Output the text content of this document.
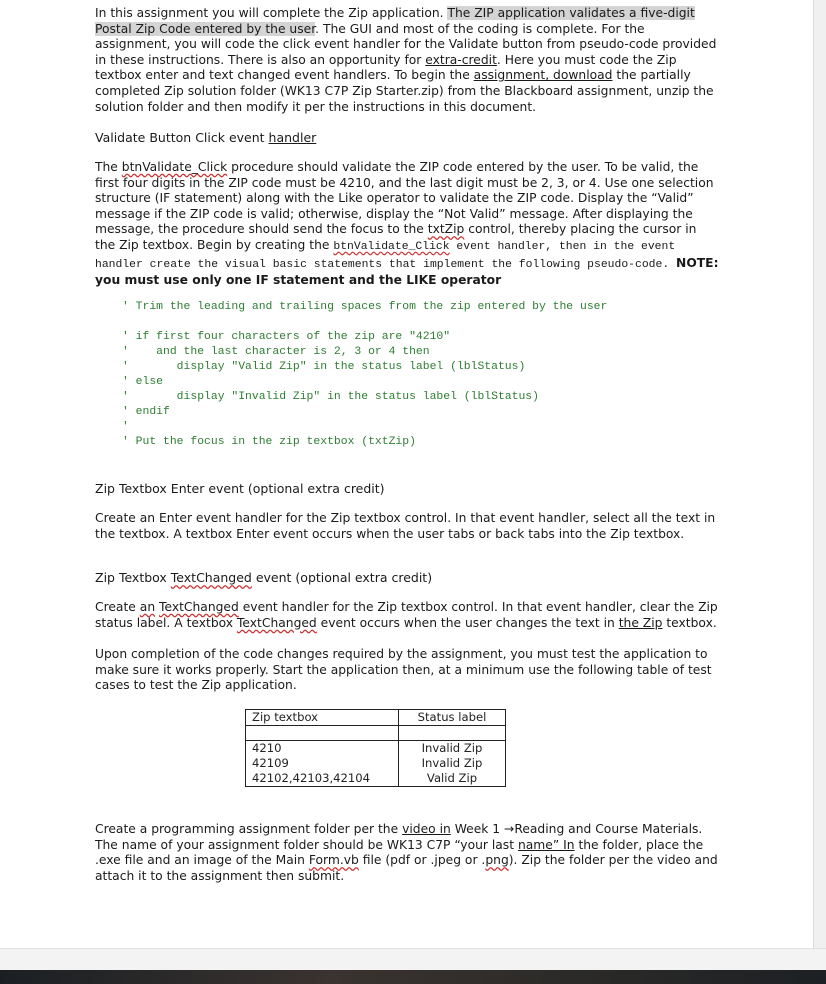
In this assignment you will complete the Zip application. The ZIP application validates a five-digit Postal Zip Code entered by the user. The GUI and most of the coding is complete. For the assignment, you will code the click event handler for the Validate button from pseudo-code provided in these instructions. There is also an opportunity for extra-credit. Here you must code the Zip textbox enter and text changed event handlers. To begin the assignment, download the partially completed Zip solution folder (WK13 C7P Zip Starter.zip) from the Blackboard assignment, unzip the solution folder and then modify it per the instructions in this document.

Validate Button Click event handler

The btnValidate_Click procedure should validate the ZIP code entered by the user. To be valid, the first four digits in the ZIP code must be 4210, and the last digit must be 2, 3, or 4. Use one selection structure (IF statement) along with the Like operator to validate the ZIP code. Display the “Valid” message if the ZIP code is valid; otherwise, display the “Not Valid” message. After displaying the message, the procedure should send the focus to the txtZip control, thereby placing the cursor in the Zip textbox. Begin by creating the btnValidate_Click event handler, then in the event handler create the visual basic statements that implement the following pseudo-code. NOTE: you must use only one IF statement and the LIKE operator

' Trim the leading and trailing spaces from the zip entered by the user
' if first four characters of the zip are "4210"
'    and the last character is 2, 3 or 4 then
'       display "Valid Zip" in the status label (lblStatus)
' else
'       display "Invalid Zip" in the status label (lblStatus)
' endif
'
' Put the focus in the zip textbox (txtZip)

Zip Textbox Enter event (optional extra credit)

Create an Enter event handler for the Zip textbox control. In that event handler, select all the text in the textbox. A textbox Enter event occurs when the user tabs or back tabs into the Zip textbox.

Zip Textbox TextChanged event (optional extra credit)

Create an TextChanged event handler for the Zip textbox control. In that event handler, clear the Zip status label. A textbox TextChanged event occurs when the user changes the text in the Zip textbox.

Upon completion of the code changes required by the assignment, you must test the application to make sure it works properly. Start the application then, at a minimum use the following table of test cases to test the Zip application.

Zip textbox	Status label

4210	Invalid Zip
42109	Invalid Zip
42102,42103,42104	Valid Zip

Create a programming assignment folder per the video in Week 1 →Reading and Course Materials. The name of your assignment folder should be WK13 C7P “your last name” In the folder, place the .exe file and an image of the Main Form.vb file (pdf or .jpeg or .png). Zip the folder per the video and attach it to the assignment then submit.
